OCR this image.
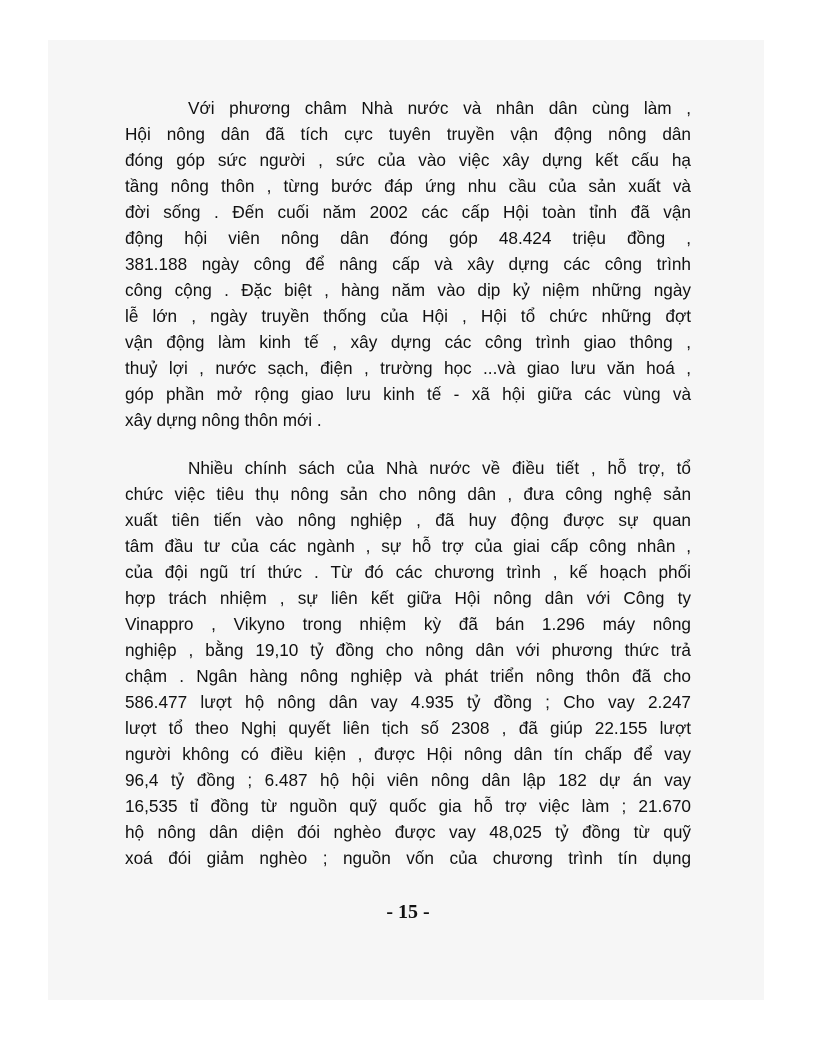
Với phương châm Nhà nước và nhân dân cùng làm ,

Hội nông dân đã tích cực tuyên truyền vận động nông dân

đóng góp sức người , sức của vào việc xây dựng kết cấu hạ

tầng nông thôn , từng bước đáp ứng nhu cầu của sản xuất và

đời sống . Đến cuối năm 2002 các cấp Hội toàn tỉnh đã vận

động hội viên nông dân đóng góp 48.424 triệu đồng ,

381.188 ngày công để nâng cấp và xây dựng các công trình

công cộng . Đặc biệt , hàng năm vào dịp kỷ niệm những ngày

lễ lớn , ngày truyền thống của Hội , Hội tổ chức những đợt

vận động làm kinh tế , xây dựng các công trình giao thông ,

thuỷ lợi , nước sạch, điện , trường học ...và giao lưu văn hoá ,

góp phần mở rộng giao lưu kinh tế - xã hội giữa các vùng và

xây dựng nông thôn mới .

Nhiều chính sách của Nhà nước về điều tiết , hỗ trợ, tổ

chức việc tiêu thụ nông sản cho nông dân , đưa công nghệ sản

xuất tiên tiến vào nông nghiệp , đã huy động được sự quan

tâm đầu tư của các ngành , sự hỗ trợ của giai cấp công nhân ,

của đội ngũ trí thức . Từ đó các chương trình , kế hoạch phối

hợp trách nhiệm , sự liên kết giữa Hội nông dân với Công ty

Vinappro , Vikyno trong nhiệm kỳ đã bán 1.296 máy nông

nghiệp , bằng 19,10 tỷ đồng cho nông dân với phương thức trả

chậm . Ngân hàng nông nghiệp và phát triển nông thôn đã cho

586.477 lượt hộ nông dân vay 4.935 tỷ đồng ; Cho vay 2.247

lượt tổ theo Nghị quyết liên tịch số 2308 , đã giúp 22.155 lượt

người không có điều kiện , được Hội nông dân tín chấp để vay

96,4 tỷ đồng ; 6.487 hộ hội viên nông dân lập 182 dự án vay

16,535 tỉ đồng từ nguồn quỹ quốc gia hỗ trợ việc làm ; 21.670

hộ nông dân diện đói nghèo được vay 48,025 tỷ đồng từ quỹ

xoá đói giảm nghèo ; nguồn vốn của chương trình tín dụng

- 15 -
